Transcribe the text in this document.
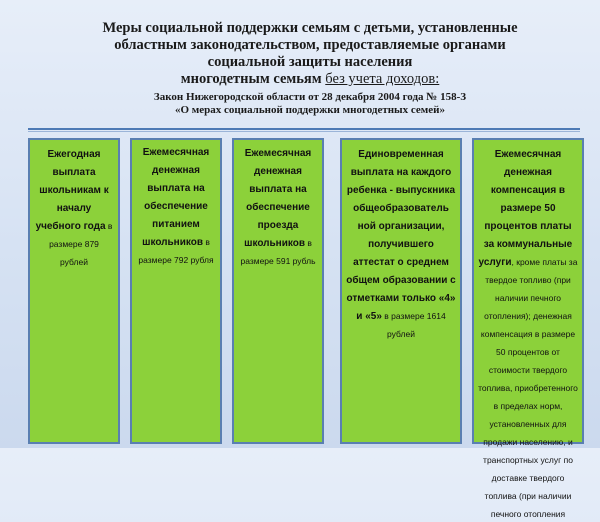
Меры социальной поддержки семьям с детьми, установленные
областным законодательством, предоставляемые органами
социальной защиты населения
многодетным семьям без учета доходов:

Закон Нижегородской области от 28 декабря 2004 года № 158-З
«О мерах социальной поддержки многодетных семей»
Ежегодная выплата школьникам к началу учебного года в размере 879 рублей
Ежемесячная денежная выплата на обеспечение питанием школьников в размере 792 рубля
Ежемесячная денежная выплата на обеспечение проезда школьников в размере 591 рубль
Единовременная выплата на каждого ребенка - выпускника общеобразователь ной организации, получившего аттестат о среднем общем образовании с отметками только «4» и «5» в размере 1614 рублей
Ежемесячная денежная компенсация в размере 50 процентов платы за коммунальные услуги, кроме платы за твердое топливо (при наличии печного отопления); денежная компенсация в размере 50 процентов от стоимости твердого топлива, приобретенного в пределах норм, установленных для продажи населению, и транспортных услуг по доставке твердого топлива (при наличии печного отопления
